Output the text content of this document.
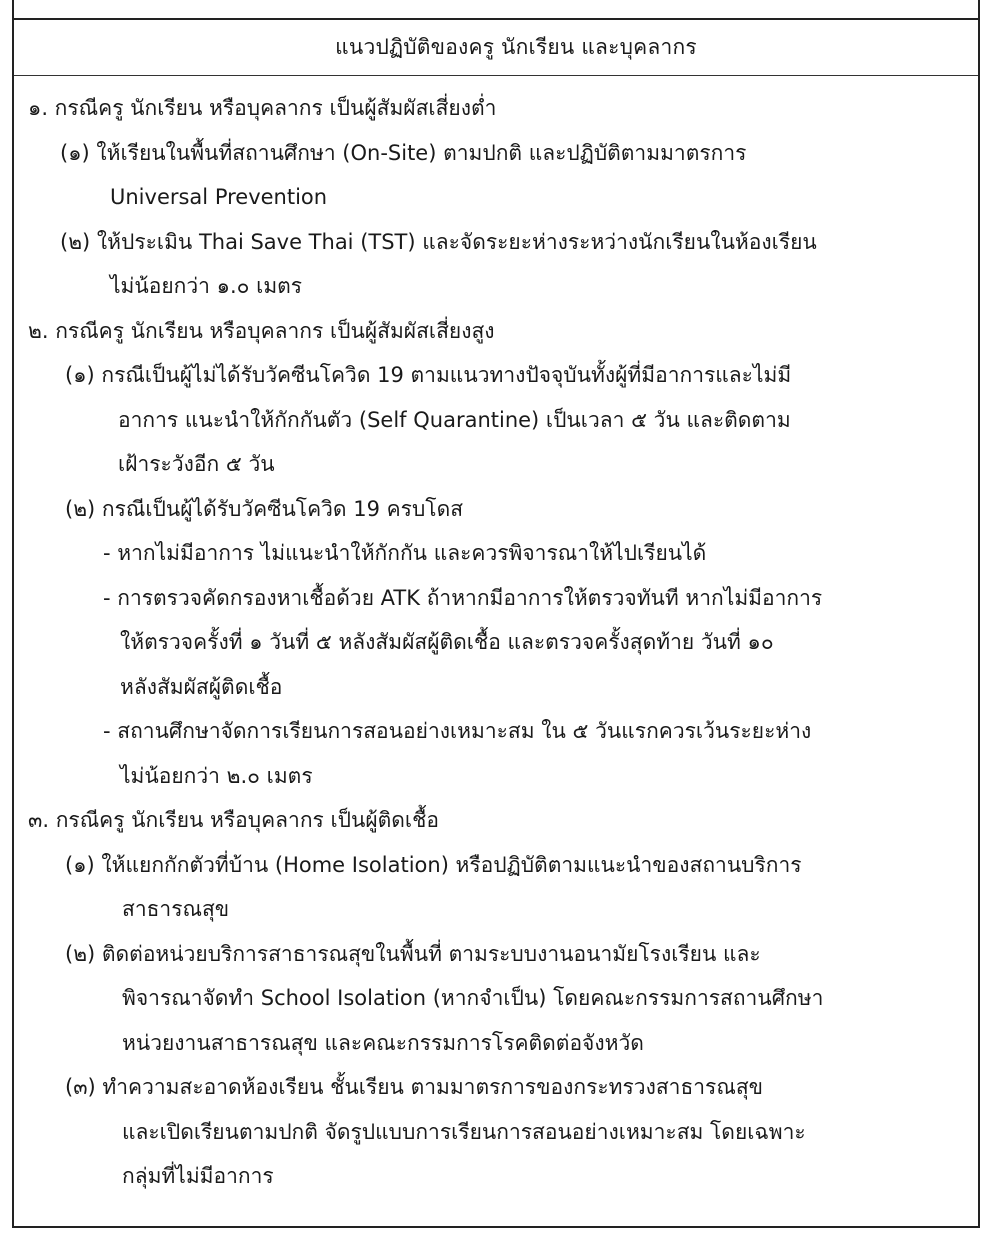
แนวปฏิบัติของครู นักเรียน และบุคลากร
๑. กรณีครู นักเรียน หรือบุคลากร เป็นผู้สัมผัสเสี่ยงต่ำ
(๑) ให้เรียนในพื้นที่สถานศึกษา (On-Site) ตามปกติ และปฏิบัติตามมาตรการ
Universal Prevention
(๒) ให้ประเมิน Thai Save Thai (TST) และจัดระยะห่างระหว่างนักเรียนในห้องเรียน
ไม่น้อยกว่า ๑.๐ เมตร
๒. กรณีครู นักเรียน หรือบุคลากร เป็นผู้สัมผัสเสี่ยงสูง
(๑) กรณีเป็นผู้ไม่ได้รับวัคซีนโควิด 19 ตามแนวทางปัจจุบันทั้งผู้ที่มีอาการและไม่มี
อาการ แนะนำให้กักกันตัว (Self Quarantine) เป็นเวลา ๕ วัน และติดตาม
เฝ้าระวังอีก ๕ วัน
(๒) กรณีเป็นผู้ได้รับวัคซีนโควิด 19 ครบโดส
- หากไม่มีอาการ ไม่แนะนำให้กักกัน และควรพิจารณาให้ไปเรียนได้
- การตรวจคัดกรองหาเชื้อด้วย ATK ถ้าหากมีอาการให้ตรวจทันที หากไม่มีอาการ
ให้ตรวจครั้งที่ ๑ วันที่ ๕ หลังสัมผัสผู้ติดเชื้อ และตรวจครั้งสุดท้าย วันที่ ๑๐
หลังสัมผัสผู้ติดเชื้อ
- สถานศึกษาจัดการเรียนการสอนอย่างเหมาะสม ใน ๕ วันแรกควรเว้นระยะห่าง
ไม่น้อยกว่า ๒.๐ เมตร
๓. กรณีครู นักเรียน หรือบุคลากร เป็นผู้ติดเชื้อ
(๑) ให้แยกกักตัวที่บ้าน (Home Isolation) หรือปฏิบัติตามแนะนำของสถานบริการ
สาธารณสุข
(๒) ติดต่อหน่วยบริการสาธารณสุขในพื้นที่ ตามระบบงานอนามัยโรงเรียน และ
พิจารณาจัดทำ School Isolation (หากจำเป็น) โดยคณะกรรมการสถานศึกษา
หน่วยงานสาธารณสุข และคณะกรรมการโรคติดต่อจังหวัด
(๓) ทำความสะอาดห้องเรียน ชั้นเรียน ตามมาตรการของกระทรวงสาธารณสุข
และเปิดเรียนตามปกติ จัดรูปแบบการเรียนการสอนอย่างเหมาะสม โดยเฉพาะ
กลุ่มที่ไม่มีอาการ
